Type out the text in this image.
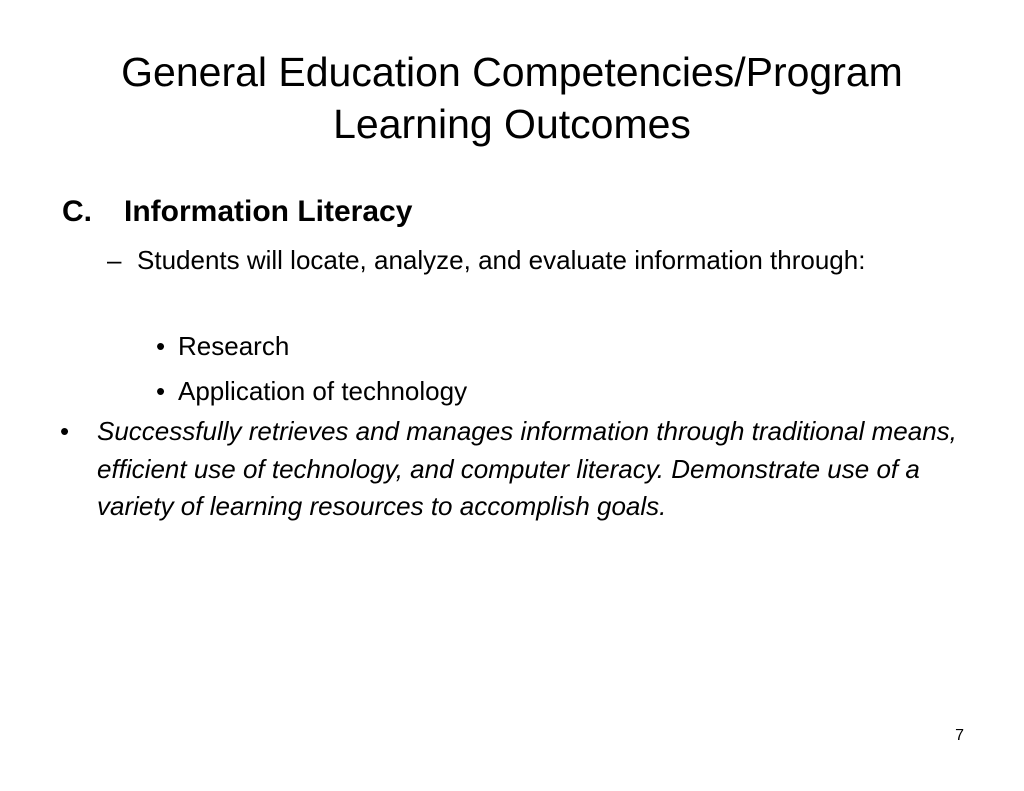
General Education Competencies/Program Learning Outcomes
C. Information Literacy
– Students will locate, analyze, and evaluate information through:
• Research
• Application of technology
•	Successfully retrieves and manages information through traditional means, efficient use of technology, and computer literacy. Demonstrate use of a variety of learning resources to accomplish goals.
7
